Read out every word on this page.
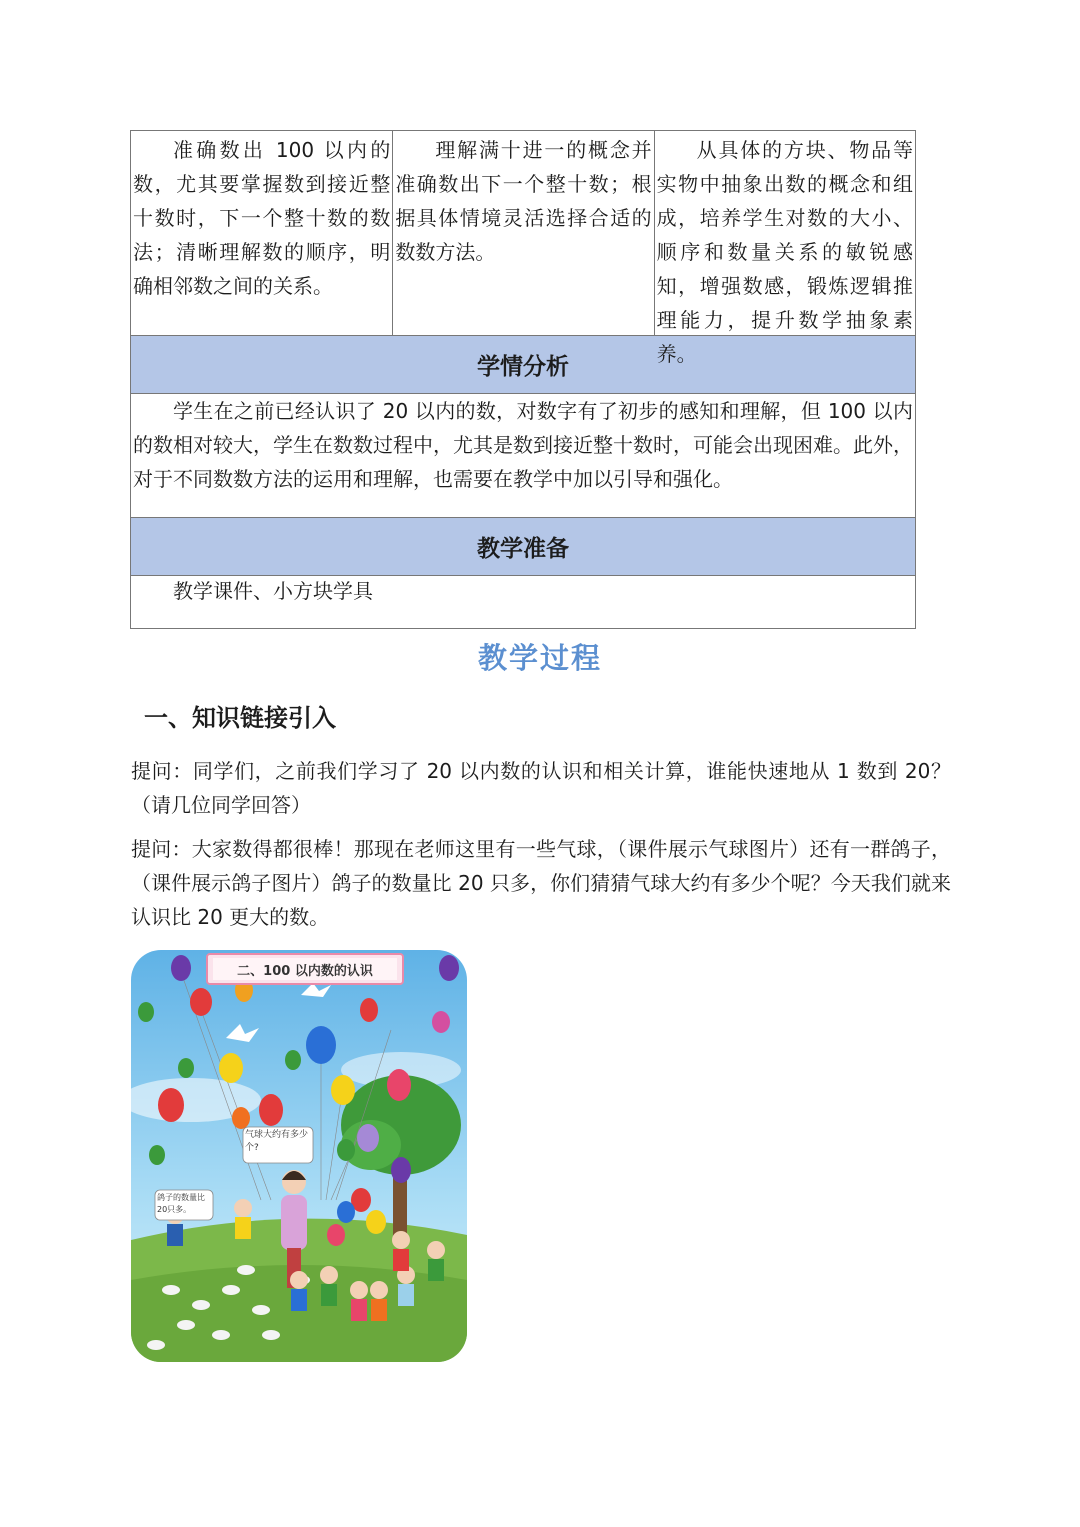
准确数出 100 以内的数，尤其要掌握数到接近整十数时，下一个整十数的数法；清晰理解数的顺序，明确相邻数之间的关系。
理解满十进一的概念并准确数出下一个整十数；根据具体情境灵活选择合适的数数方法。
从具体的方块、物品等实物中抽象出数的概念和组成，培养学生对数的大小、顺序和数量关系的敏锐感知，增强数感，锻炼逻辑推理能力，提升数学抽象素养。
学情分析
学生在之前已经认识了 20 以内的数，对数字有了初步的感知和理解，但 100 以内的数相对较大，学生在数数过程中，尤其是数到接近整十数时，可能会出现困难。此外，对于不同数数方法的运用和理解，也需要在教学中加以引导和强化。
教学准备
教学课件、小方块学具
教学过程
一、知识链接引入
提问：同学们，之前我们学习了 20 以内数的认识和相关计算，谁能快速地从 1 数到 20？（请几位同学回答）
提问：大家数得都很棒！那现在老师这里有一些气球，（课件展示气球图片）还有一群鸽子，（课件展示鸽子图片）鸽子的数量比 20 只多，你们猜猜气球大约有多少个呢？今天我们就来认识比 20 更大的数。
二、100 以内数的认识
气球大约有多少个?
鸽子的数量比20只多。
